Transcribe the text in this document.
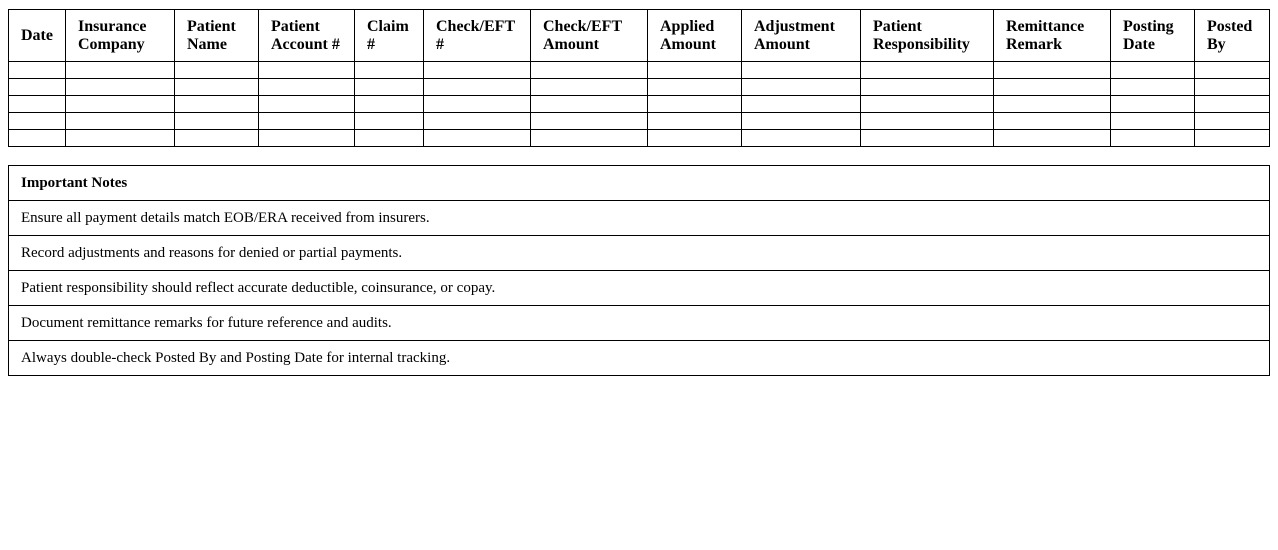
Date	Insurance Company	Patient Name	Patient Account #	Claim #	Check/EFT #	Check/EFT Amount	Applied Amount	Adjustment Amount	Patient Responsibility	Remittance Remark	Posting Date	Posted By

Important Notes
Ensure all payment details match EOB/ERA received from insurers.
Record adjustments and reasons for denied or partial payments.
Patient responsibility should reflect accurate deductible, coinsurance, or copay.
Document remittance remarks for future reference and audits.
Always double-check Posted By and Posting Date for internal tracking.
